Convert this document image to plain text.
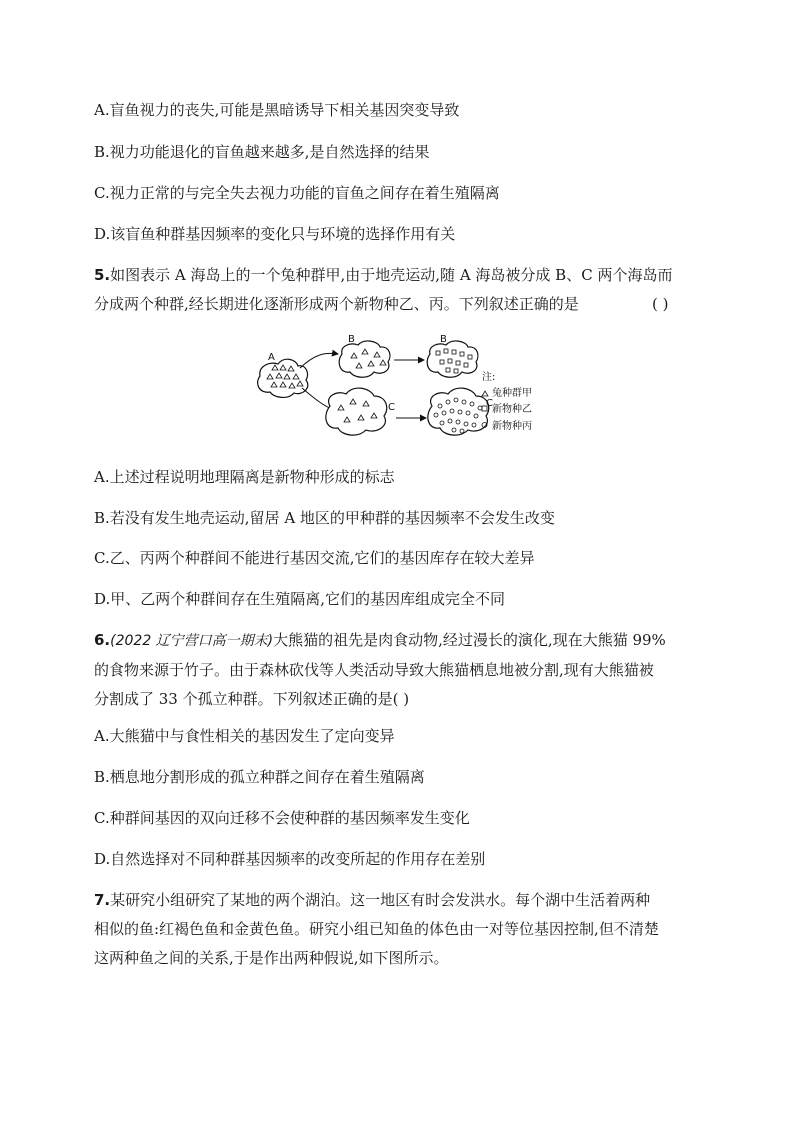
A.盲鱼视力的丧失,可能是黑暗诱导下相关基因突变导致
B.视力功能退化的盲鱼越来越多,是自然选择的结果
C.视力正常的与完全失去视力功能的盲鱼之间存在着生殖隔离
D.该盲鱼种群基因频率的变化只与环境的选择作用有关
5.如图表示 A 海岛上的一个兔种群甲,由于地壳运动,随 A 海岛被分成 B、C 两个海岛而
分成两个种群,经长期进化逐渐形成两个新物种乙、丙。下列叙述正确的是	( )
A
B	B
C	C
注:
兔种群甲
新物种乙
新物种丙
A.上述过程说明地理隔离是新物种形成的标志
B.若没有发生地壳运动,留居 A 地区的甲种群的基因频率不会发生改变
C.乙、丙两个种群间不能进行基因交流,它们的基因库存在较大差异
D.甲、乙两个种群间存在生殖隔离,它们的基因库组成完全不同
6.(2022 辽宁营口高一期末)大熊猫的祖先是肉食动物,经过漫长的演化,现在大熊猫 99%
的食物来源于竹子。由于森林砍伐等人类活动导致大熊猫栖息地被分割,现有大熊猫被
分割成了 33 个孤立种群。下列叙述正确的是( )
A.大熊猫中与食性相关的基因发生了定向变异
B.栖息地分割形成的孤立种群之间存在着生殖隔离
C.种群间基因的双向迁移不会使种群的基因频率发生变化
D.自然选择对不同种群基因频率的改变所起的作用存在差别
7.某研究小组研究了某地的两个湖泊。这一地区有时会发洪水。每个湖中生活着两种
相似的鱼:红褐色鱼和金黄色鱼。研究小组已知鱼的体色由一对等位基因控制,但不清楚
这两种鱼之间的关系,于是作出两种假说,如下图所示。
